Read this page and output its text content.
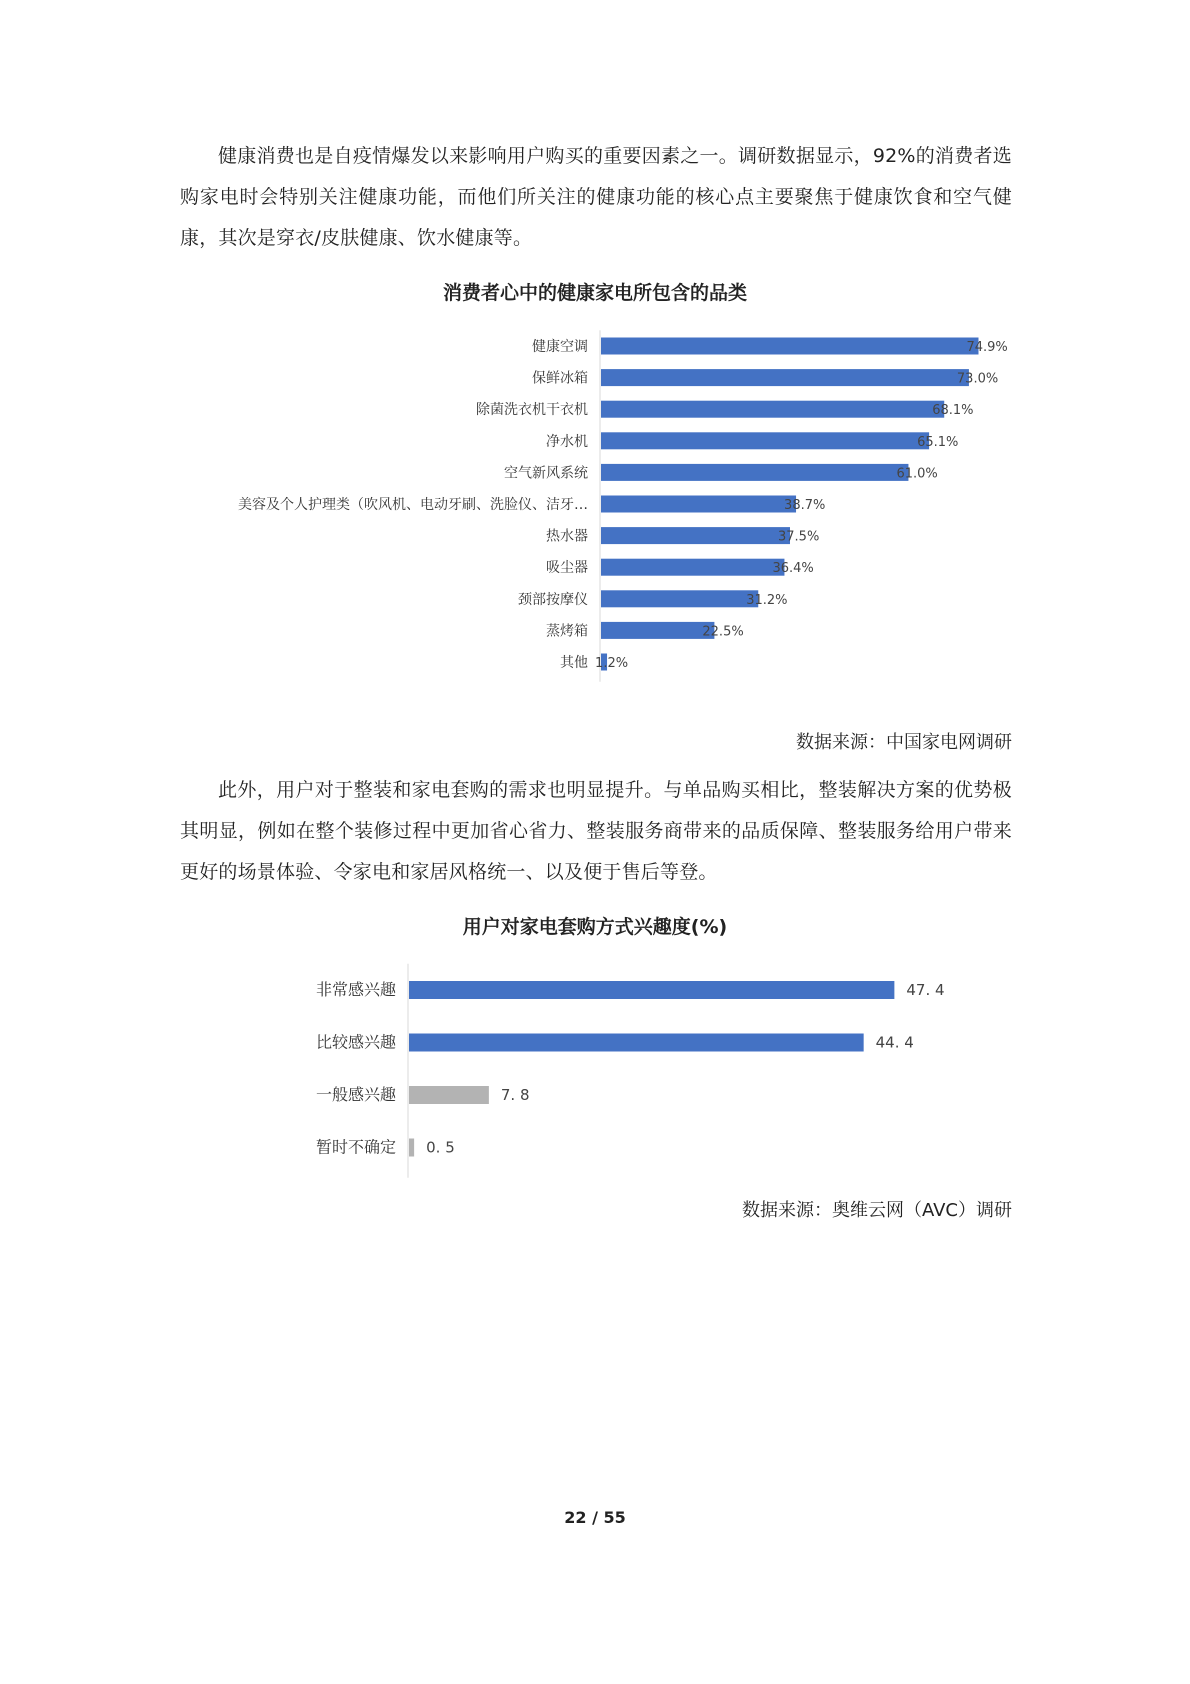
健康消费也是自疫情爆发以来影响用户购买的重要因素之一。调研数据显示，92%的消费者选购家电时会特别关注健康功能，而他们所关注的健康功能的核心点主要聚焦于健康饮食和空气健康，其次是穿衣/皮肤健康、饮水健康等。
消费者心中的健康家电所包含的品类
健康空调	74.9%
保鲜冰箱	73.0%
除菌洗衣机干衣机	68.1%
净水机	65.1%
空气新风系统	61.0%
美容及个人护理类（吹风机、电动牙刷、洗脸仪、洁牙…	38.7%
热水器	37.5%
吸尘器	36.4%
颈部按摩仪	31.2%
蒸烤箱	22.5%
其他 1.2%
数据来源：中国家电网调研
此外，用户对于整装和家电套购的需求也明显提升。与单品购买相比，整装解决方案的优势极其明显，例如在整个装修过程中更加省心省力、整装服务商带来的品质保障、整装服务给用户带来更好的场景体验、令家电和家居风格统一、以及便于售后等登。
用户对家电套购方式兴趣度(%)
非常感兴趣	47. 4
比较感兴趣	44. 4
一般感兴趣	7. 8
暂时不确定 0. 5
数据来源：奥维云网（AVC）调研
22 / 55
